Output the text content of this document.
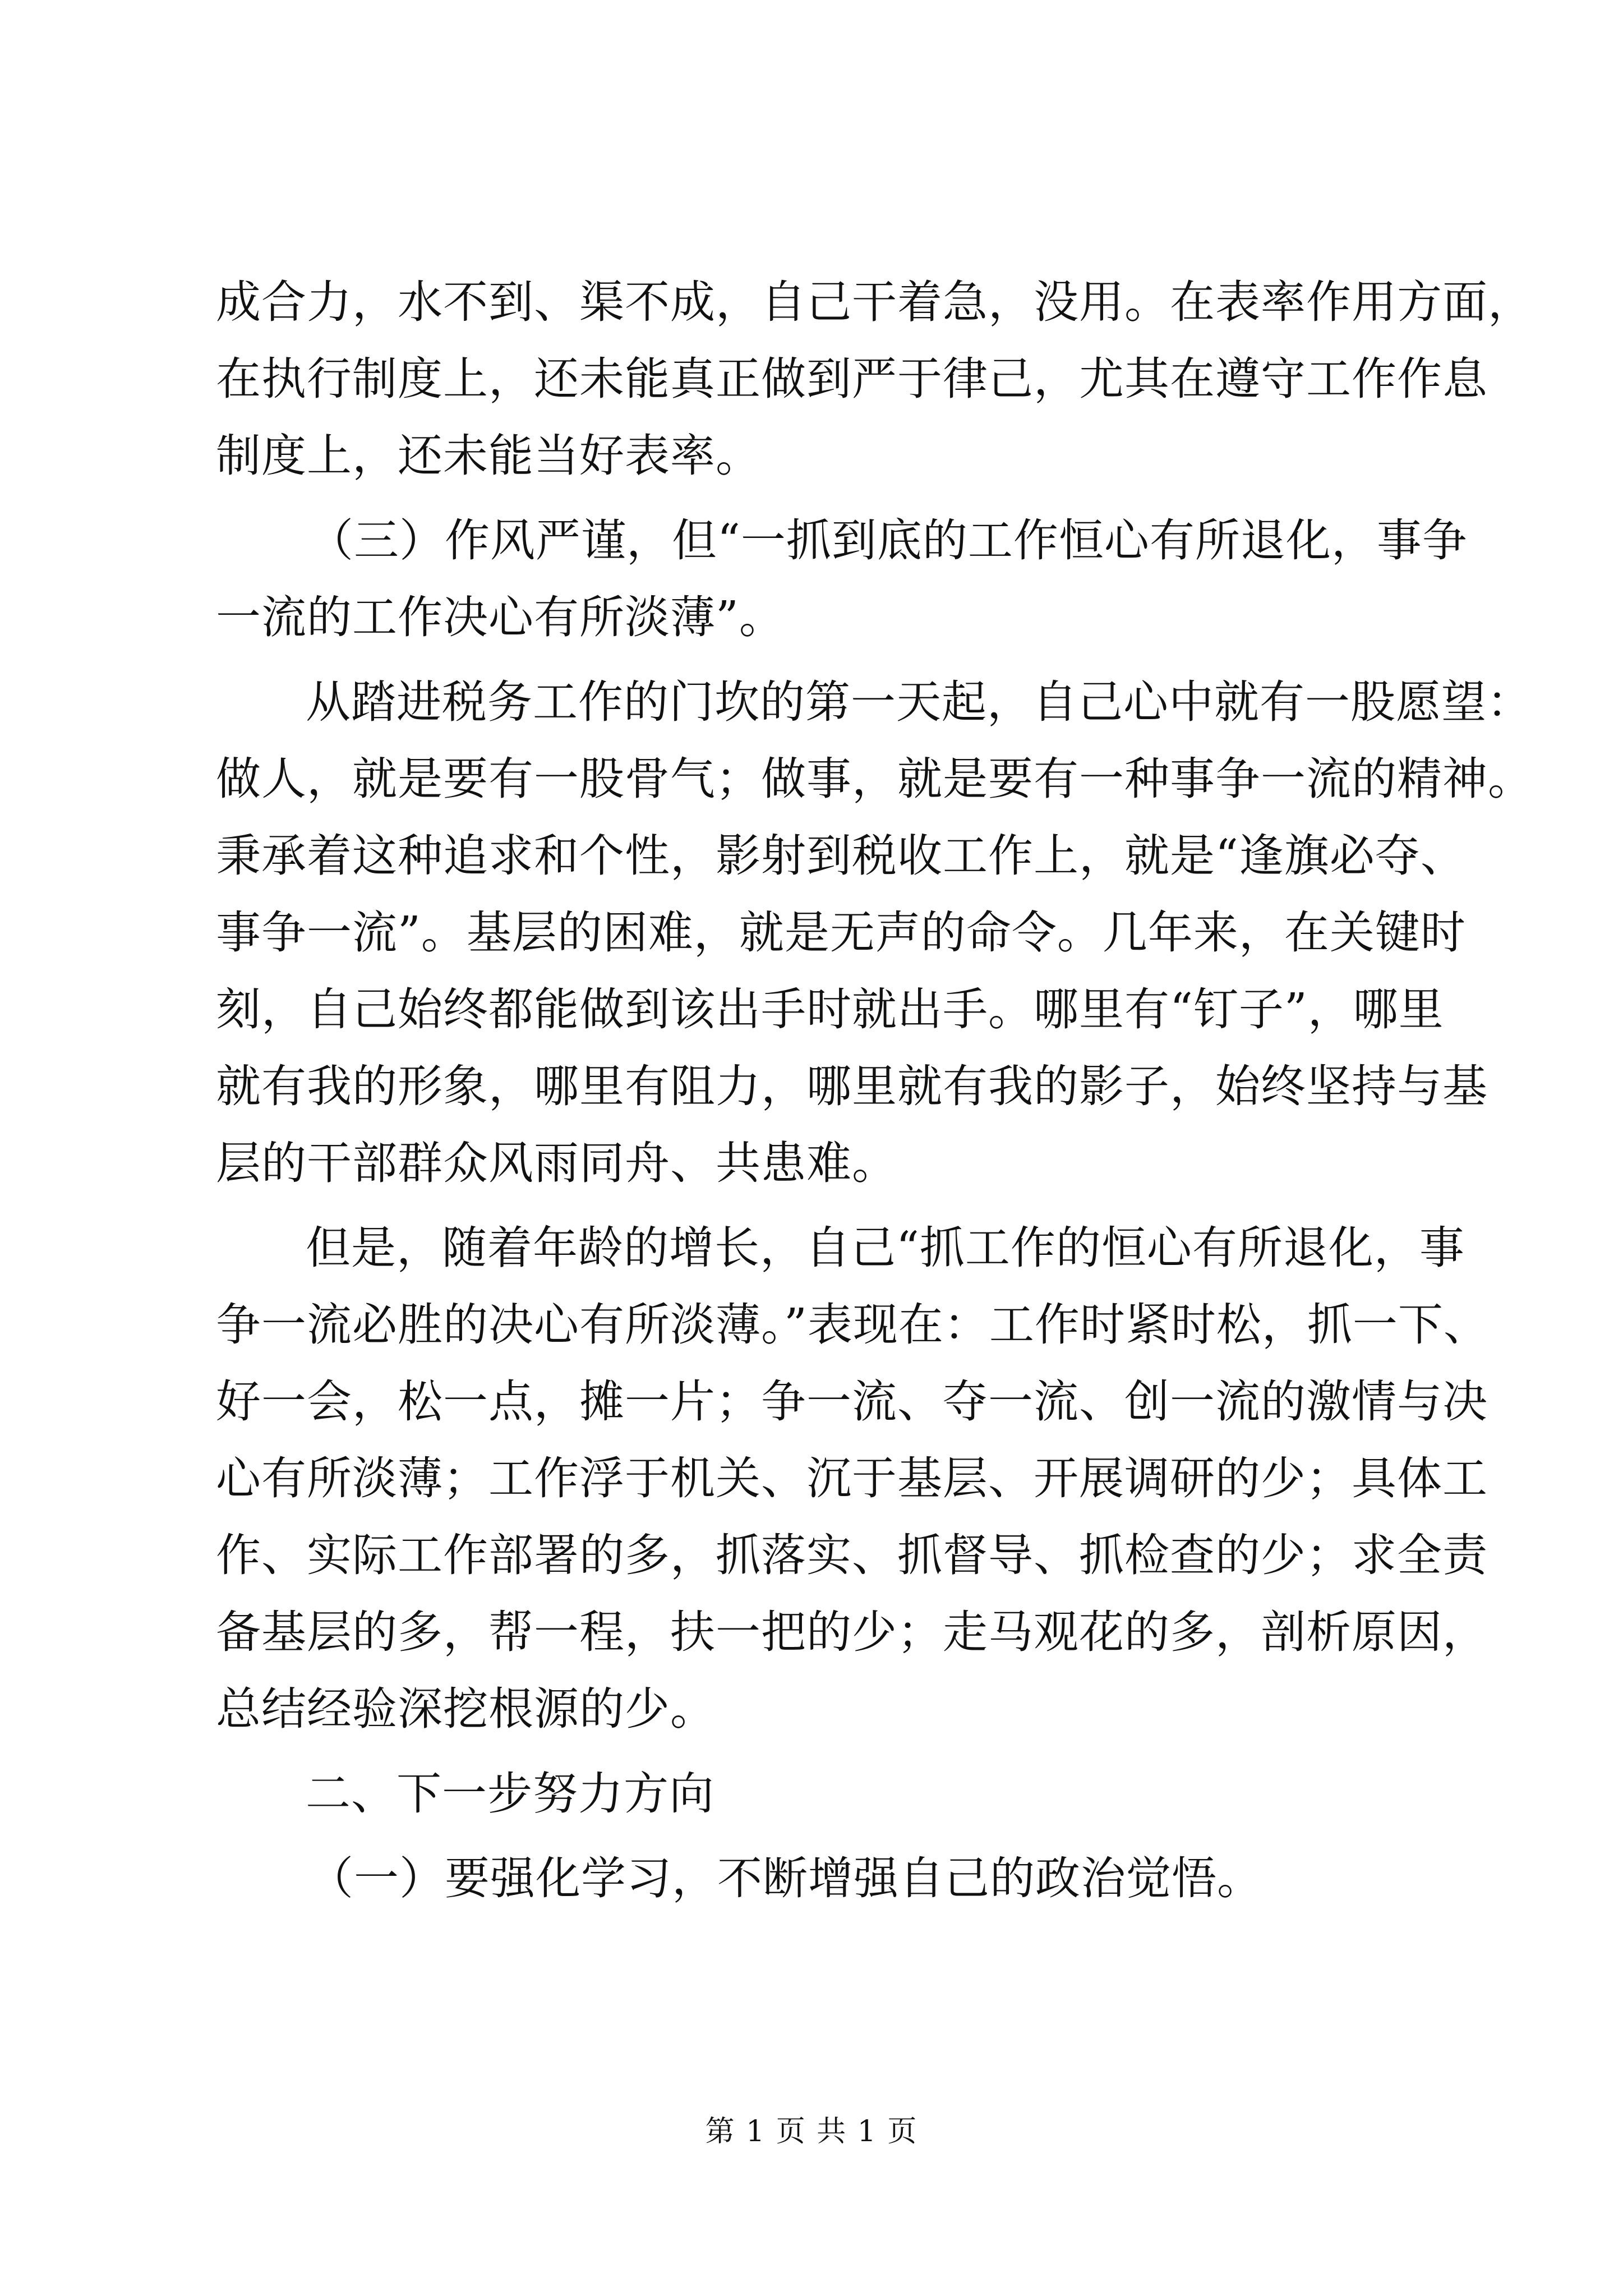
成合力，水不到、渠不成，自己干着急，没用。在表率作用方面，
在执行制度上，还未能真正做到严于律己，尤其在遵守工作作息
制度上，还未能当好表率。
（三）作风严谨，但“一抓到底的工作恒心有所退化，事争
一流的工作决心有所淡薄”。
从踏进税务工作的门坎的第一天起，自己心中就有一股愿望：
做人，就是要有一股骨气；做事，就是要有一种事争一流的精神。
秉承着这种追求和个性，影射到税收工作上，就是“逢旗必夺、
事争一流”。基层的困难，就是无声的命令。几年来，在关键时
刻，自己始终都能做到该出手时就出手。哪里有“钉子”，哪里
就有我的形象，哪里有阻力，哪里就有我的影子，始终坚持与基
层的干部群众风雨同舟、共患难。
但是，随着年龄的增长，自己“抓工作的恒心有所退化，事
争一流必胜的决心有所淡薄。”表现在：工作时紧时松，抓一下、
好一会，松一点，摊一片；争一流、夺一流、创一流的激情与决
心有所淡薄；工作浮于机关、沉于基层、开展调研的少；具体工
作、实际工作部署的多，抓落实、抓督导、抓检查的少；求全责
备基层的多，帮一程，扶一把的少；走马观花的多，剖析原因，
总结经验深挖根源的少。
二、下一步努力方向
（一）要强化学习，不断增强自己的政治觉悟。
第 1 页 共 1 页
